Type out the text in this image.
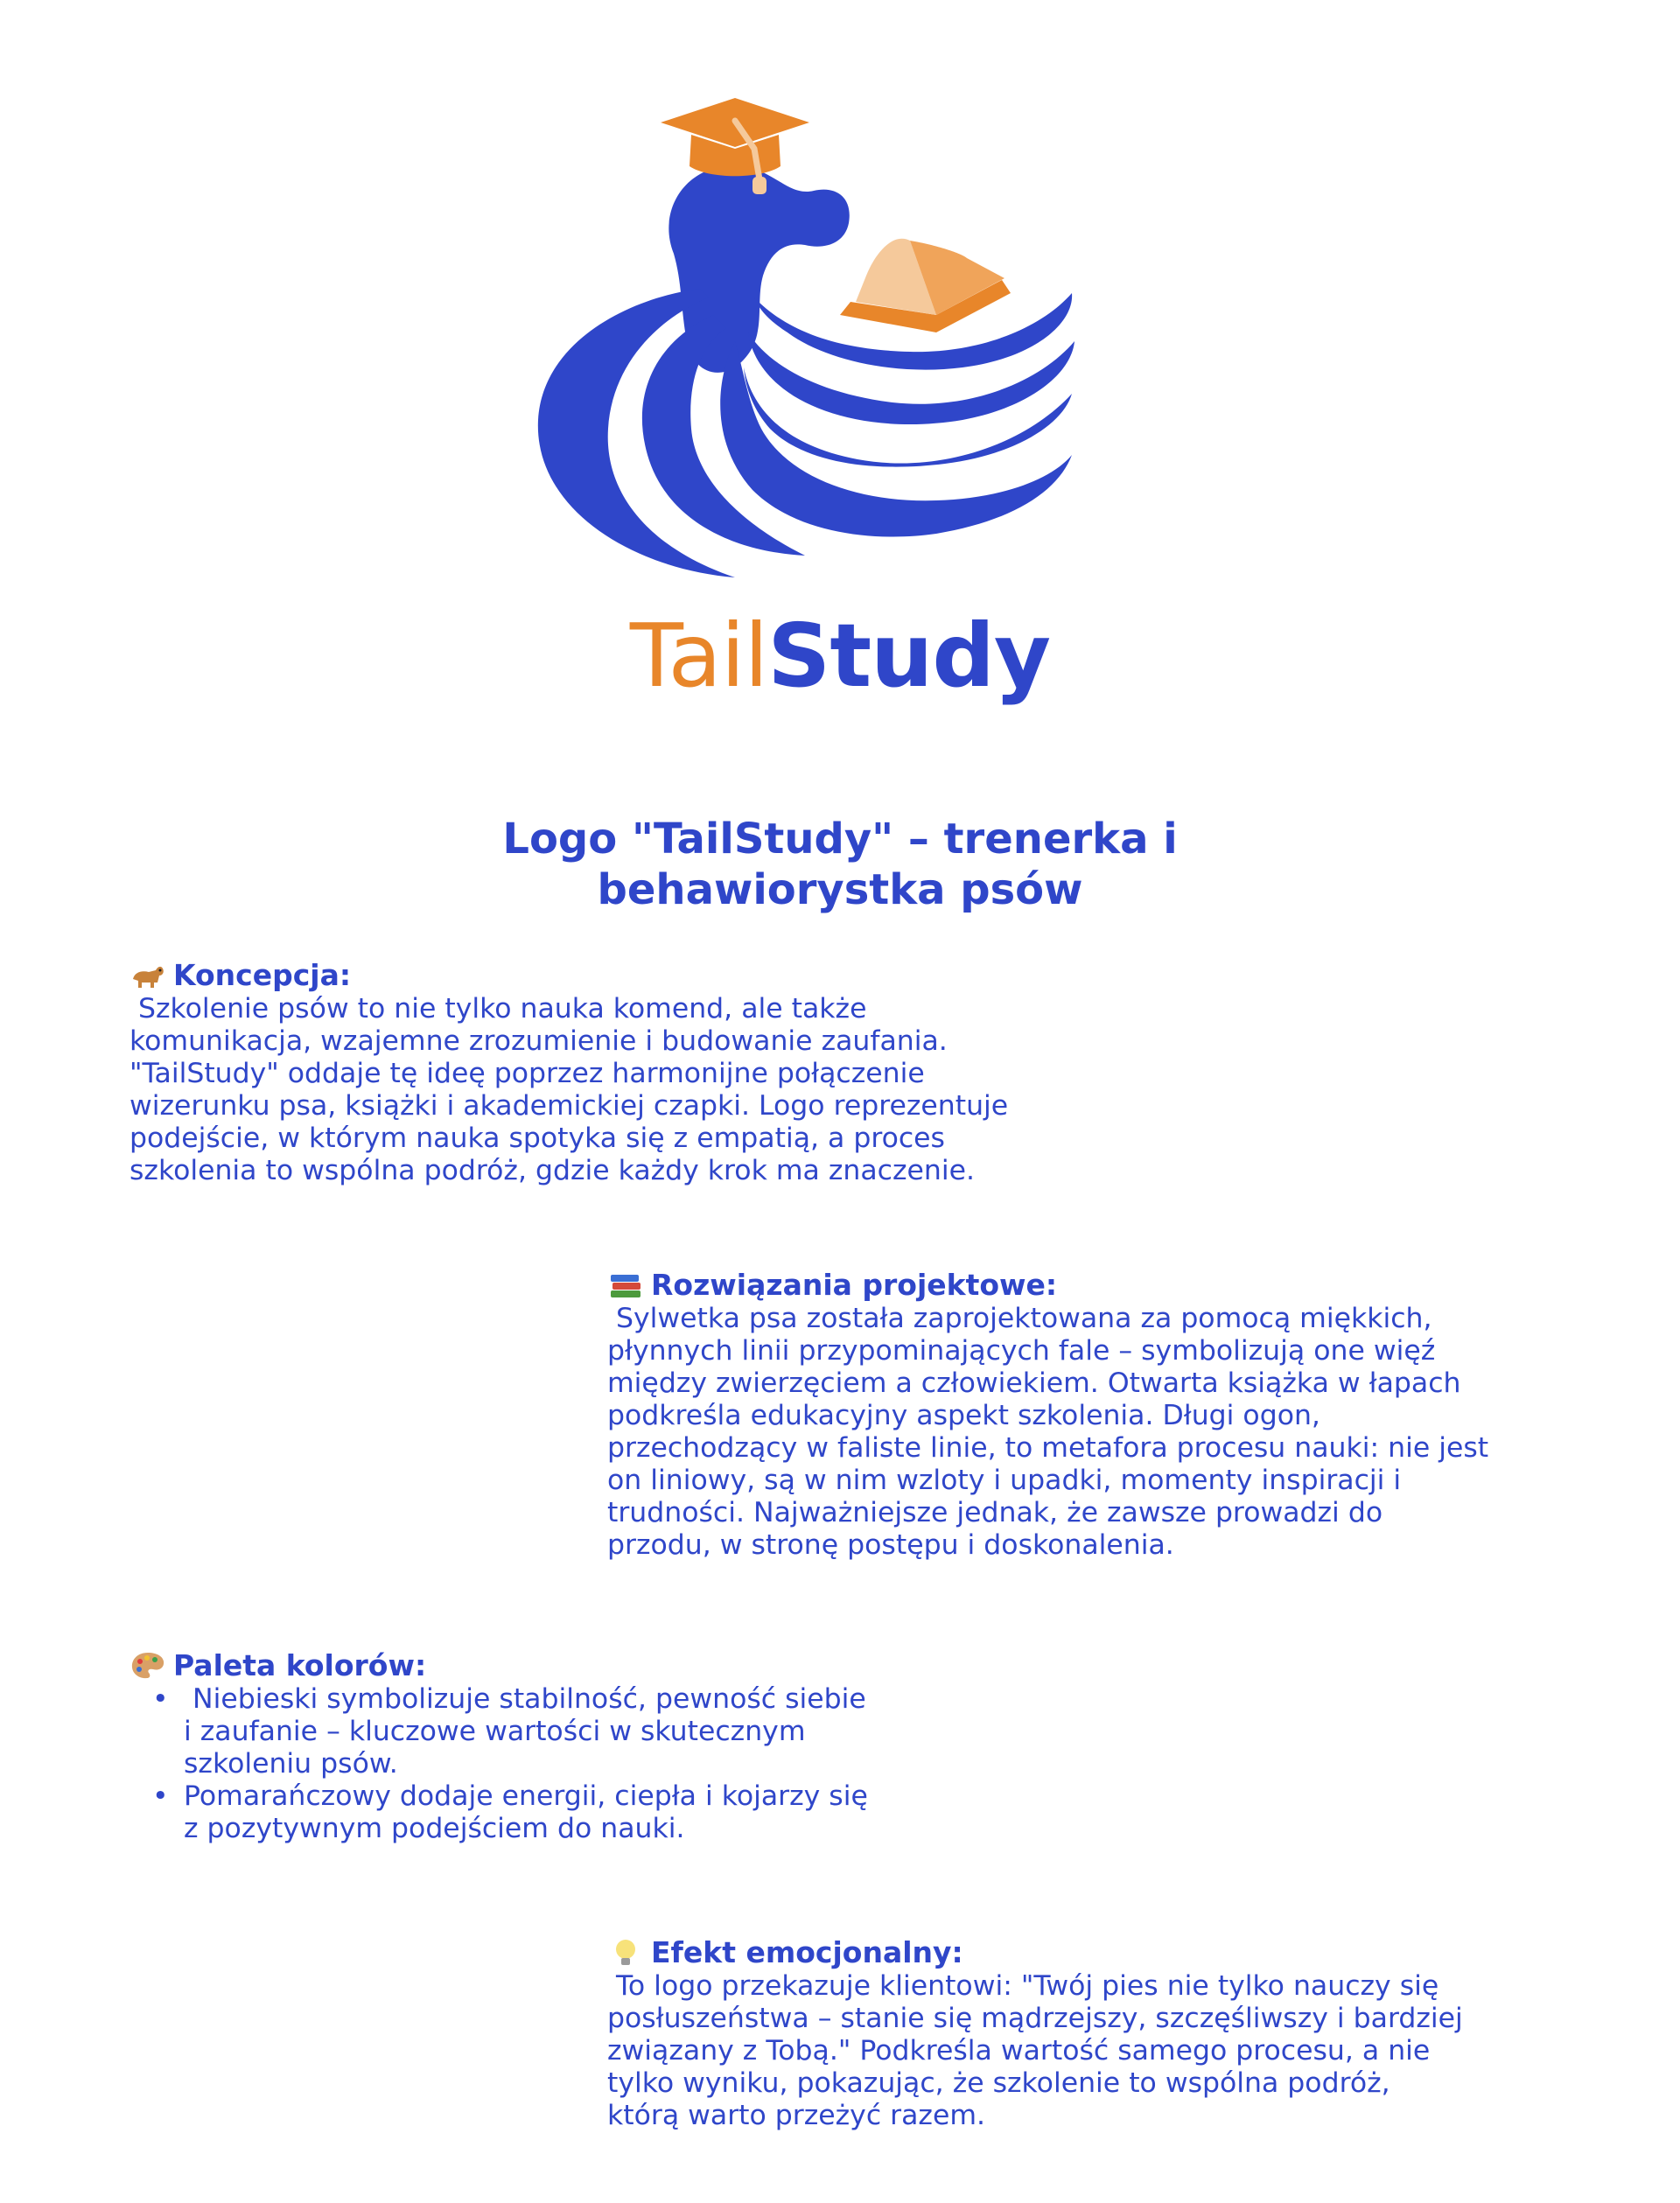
TailStudy
Logo "TailStudy" – trenerka i
behawiorystka psów
Koncepcja:

Szkolenie psów to nie tylko nauka komend, ale także
komunikacja, wzajemne zrozumienie i budowanie zaufania.
"TailStudy" oddaje tę ideę poprzez harmonijne połączenie
wizerunku psa, książki i akademickiej czapki. Logo reprezentuje
podejście, w którym nauka spotyka się z empatią, a proces
szkolenia to wspólna podróż, gdzie każdy krok ma znaczenie.

Rozwiązania projektowe:

Sylwetka psa została zaprojektowana za pomocą miękkich,
płynnych linii przypominających fale – symbolizują one więź
między zwierzęciem a człowiekiem. Otwarta książka w łapach
podkreśla edukacyjny aspekt szkolenia. Długi ogon,
przechodzący w faliste linie, to metafora procesu nauki: nie jest
on liniowy, są w nim wzloty i upadki, momenty inspiracji i
trudności. Najważniejsze jednak, że zawsze prowadzi do
przodu, w stronę postępu i doskonalenia.

Paleta kolorów:
• Niebieski symbolizuje stabilność, pewność siebie
i zaufanie – kluczowe wartości w skutecznym
szkoleniu psów.

• Pomarańczowy dodaje energii, ciepła i kojarzy się
z pozytywnym podejściem do nauki.

Efekt emocjonalny:

To logo przekazuje klientowi: "Twój pies nie tylko nauczy się
posłuszeństwa – stanie się mądrzejszy, szczęśliwszy i bardziej
związany z Tobą." Podkreśla wartość samego procesu, a nie
tylko wyniku, pokazując, że szkolenie to wspólna podróż,
którą warto przeżyć razem.
